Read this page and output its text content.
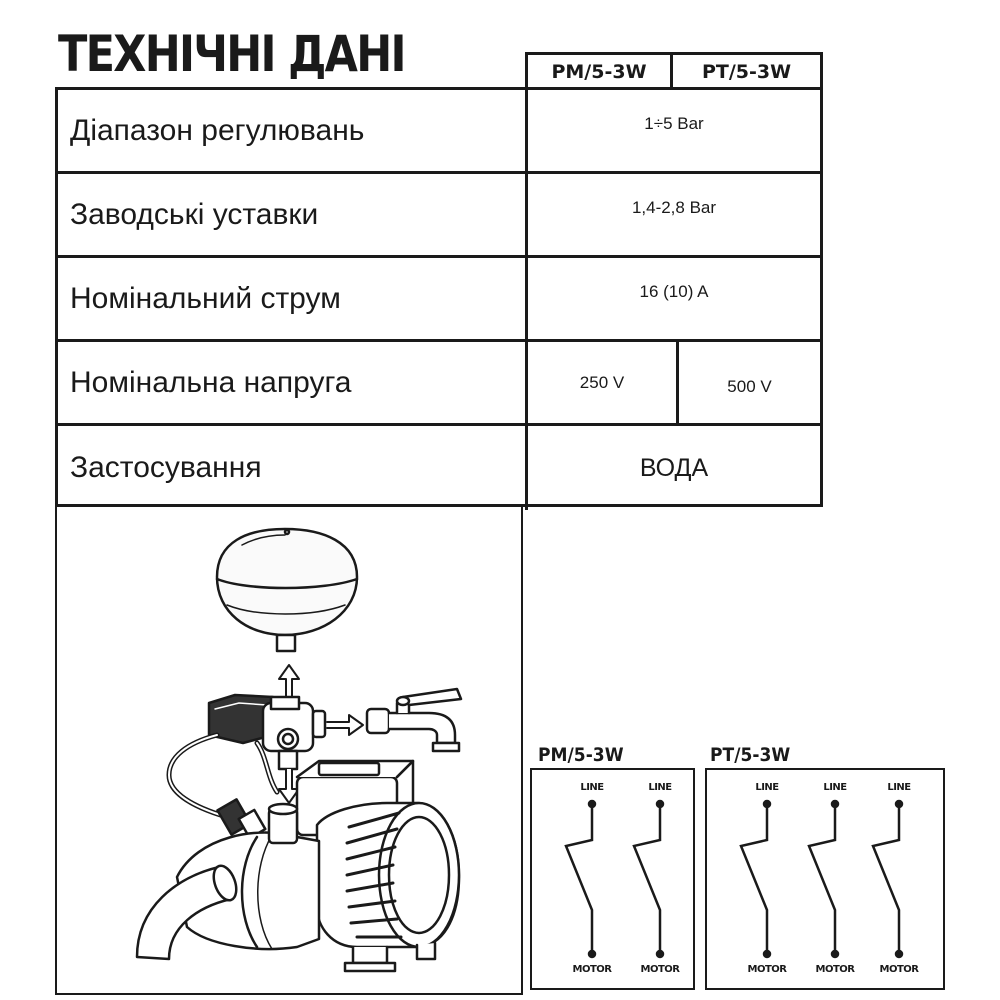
ТЕХНІЧНІ ДАНІ	PM/5-3W	PT/5-3W
Діапазон регулювань	1÷5 Bar
Заводські уставки	1,4-2,8 Bar
Номінальний струм	16 (10) A
Номінальна напруга	250 V	500 V
Застосування	ВОДА
PM/5-3W	PT/5-3W
LINE	LINE
MOTOR	MOTOR
LINE	LINE	LINE
MOTOR	MOTOR	MOTOR
